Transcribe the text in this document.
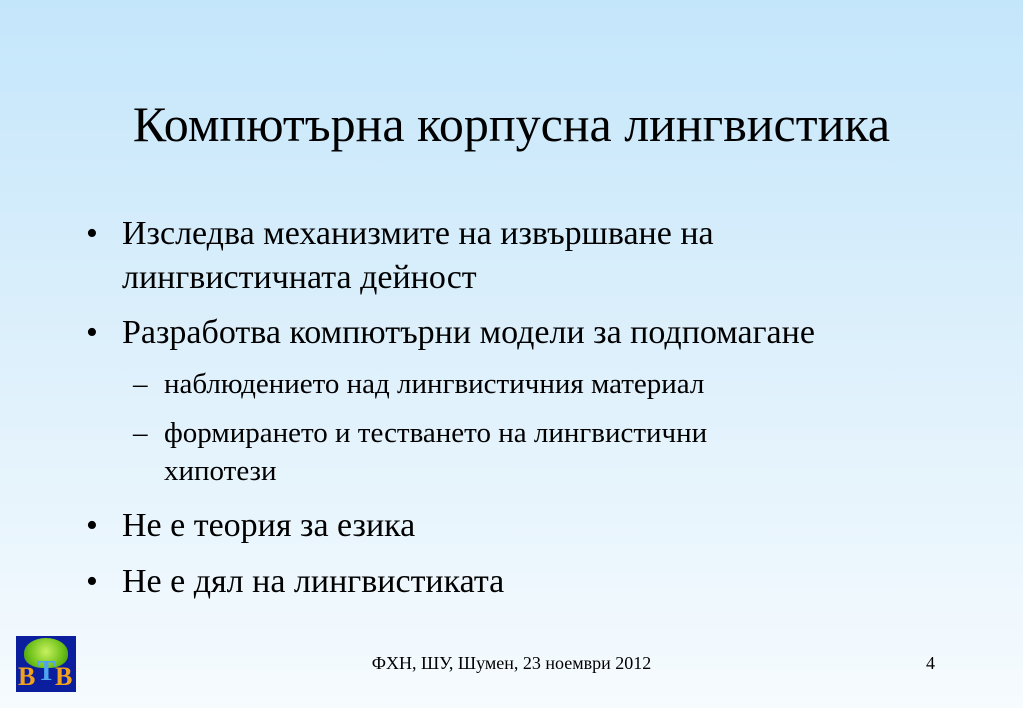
Компютърна корпусна лингвистика
• Изследва механизмите на извършване на
лингвистичната дейност
• Разработва компютърни модели за подпомагане
– наблюдението над лингвистичния материал
– формирането и тестването на лингвистични
хипотези
• Не е теория за езика
• Не е дял на лингвистиката
В Т В	ФХН, ШУ, Шумен, 23 ноември 2012	4
